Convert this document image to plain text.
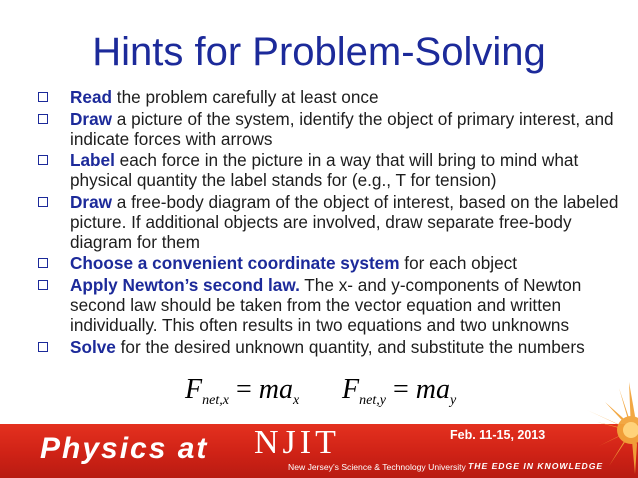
Hints for Problem-Solving
Read the problem carefully at least once
Draw a picture of the system, identify the object of primary interest, and indicate forces with arrows
Label each force in the picture in a way that will bring to mind what physical quantity the label stands for (e.g., T for tension)
Draw a free-body diagram of the object of interest, based on the labeled picture. If additional objects are involved, draw separate free-body diagram for them
Choose a convenient coordinate system for each object
Apply Newton’s second law. The x- and y-components of Newton second law should be taken from the vector equation and written individually. This often results in two equations and two unknowns
Solve for the desired unknown quantity, and substitute the numbers
$F_{net,x} = ma_x$ $F_{net,y} = ma_y$
Physics at NJIT
New Jersey’s Science & Technology University
Feb. 11-15, 2013
THE EDGE IN KNOWLEDGE
